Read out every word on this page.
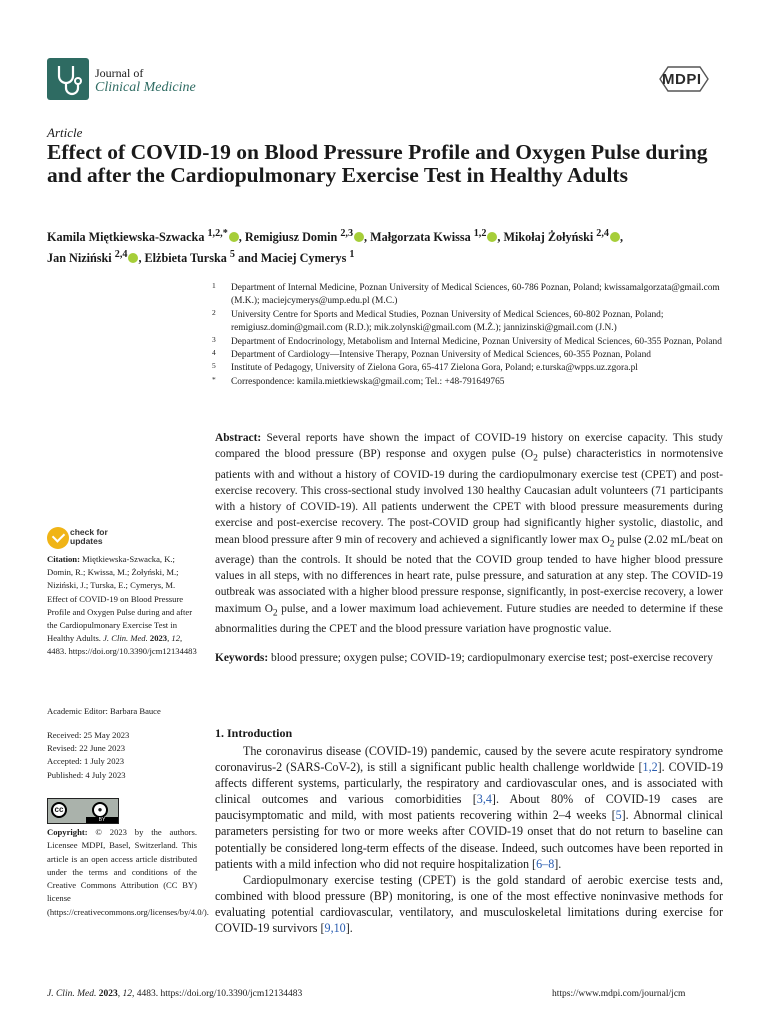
Journal of
Clinical Medicine	MDPI
Article
Effect of COVID-19 on Blood Pressure Profile and Oxygen Pulse during and after the Cardiopulmonary Exercise Test in Healthy Adults
Kamila Miętkiewska-Szwacka $^{1,2,*}$ , Remigiusz Domin $^{2,3}$ , Małgorzata Kwissa $^{1,2}$ , Mikołaj Żołyński $^{2,4}$ ,
Jan Niziński $^{2,4}$ , Elżbieta Turska $^5$ and Maciej Cymerys $^1$
1 Department of Internal Medicine, Poznan University of Medical Sciences, 60-786 Poznan, Poland; kwissamalgorzata@gmail.com (M.K.); maciejcymerys@ump.edu.pl (M.C.)
2 University Centre for Sports and Medical Studies, Poznan University of Medical Sciences, 60-802 Poznan, Poland; remigiusz.domin@gmail.com (R.D.); mik.zolynski@gmail.com (M.Ż.); jannizinski@gmail.com (J.N.)
3 Department of Endocrinology, Metabolism and Internal Medicine, Poznan University of Medical Sciences, 60-355 Poznan, Poland
4 Department of Cardiology—Intensive Therapy, Poznan University of Medical Sciences, 60-355 Poznan, Poland
5 Institute of Pedagogy, University of Zielona Gora, 65-417 Zielona Gora, Poland; e.turska@wpps.uz.zgora.pl
* Correspondence: kamila.mietkiewska@gmail.com; Tel.: +48-791649765
Abstract: Several reports have shown the impact of COVID-19 history on exercise capacity. This study compared the blood pressure (BP) response and oxygen pulse ($O_2$ pulse) characteristics in normotensive patients with and without a history of COVID-19 during the cardiopulmonary exercise test (CPET) and post-exercise recovery. This cross-sectional study involved 130 healthy Caucasian adult volunteers (71 participants with a history of COVID-19). All patients underwent the CPET with blood pressure measurements during exercise and post-exercise recovery. The post-COVID group had significantly higher systolic, diastolic, and mean blood pressure after 9 min of recovery and achieved a significantly lower $\max O_2$ pulse (2.02 mL/beat on average) than the controls. It should be noted that the COVID group tended to have higher blood pressure values in all steps, with no differences in heart rate, pulse pressure, and saturation at any step. The COVID-19 outbreak was associated with a higher blood pressure response, significantly, in post-exercise recovery, a lower maximum $O_2$ pulse, and a lower maximum load achievement. Future studies are needed to determine if these abnormalities during the CPET and the blood pressure variation have prognostic value.
Keywords: blood pressure; oxygen pulse; COVID-19; cardiopulmonary exercise test; post-exercise recovery
check for
updates
Citation: Miętkiewska-Szwacka, K.; Domin, R.; Kwissa, M.; Żołyński, M.; Niziński, J.; Turska, E.; Cymerys, M. Effect of COVID-19 on Blood Pressure Profile and Oxygen Pulse during and after the Cardiopulmonary Exercise Test in Healthy Adults. J. Clin. Med. 2023, 12, 4483. https://doi.org/10.3390/jcm12134483
Academic Editor: Barbara Bauce
Received: 25 May 2023
Revised: 22 June 2023
Accepted: 1 July 2023
Published: 4 July 2023
cc	●
BY
Copyright: © 2023 by the authors. Licensee MDPI, Basel, Switzerland. This article is an open access article distributed under the terms and conditions of the Creative Commons Attribution (CC BY) license (https://creativecommons.org/licenses/by/4.0/).
1. Introduction

The coronavirus disease (COVID-19) pandemic, caused by the severe acute respiratory syndrome coronavirus-2 (SARS-CoV-2), is still a significant public health challenge worldwide [1,2]. COVID-19 affects different systems, particularly, the respiratory and cardiovascular ones, and is associated with clinical outcomes and various comorbidities [3,4]. About 80% of COVID-19 cases are paucisymptomatic and mild, with most patients recovering within 2–4 weeks [5]. Abnormal clinical parameters persisting for two or more weeks after COVID-19 onset that do not return to baseline can potentially be considered long-term effects of the disease. Indeed, such outcomes have been reported in patients with a mild infection who did not require hospitalization [6–8].

Cardiopulmonary exercise testing (CPET) is the gold standard of aerobic exercise tests and, combined with blood pressure (BP) monitoring, is one of the most effective noninvasive methods for evaluating potential cardiovascular, ventilatory, and musculoskeletal limitations during exercise for COVID-19 survivors [9,10].

J. Clin. Med. 2023, 12, 4483. https://doi.org/10.3390/jcm12134483	https://www.mdpi.com/journal/jcm
